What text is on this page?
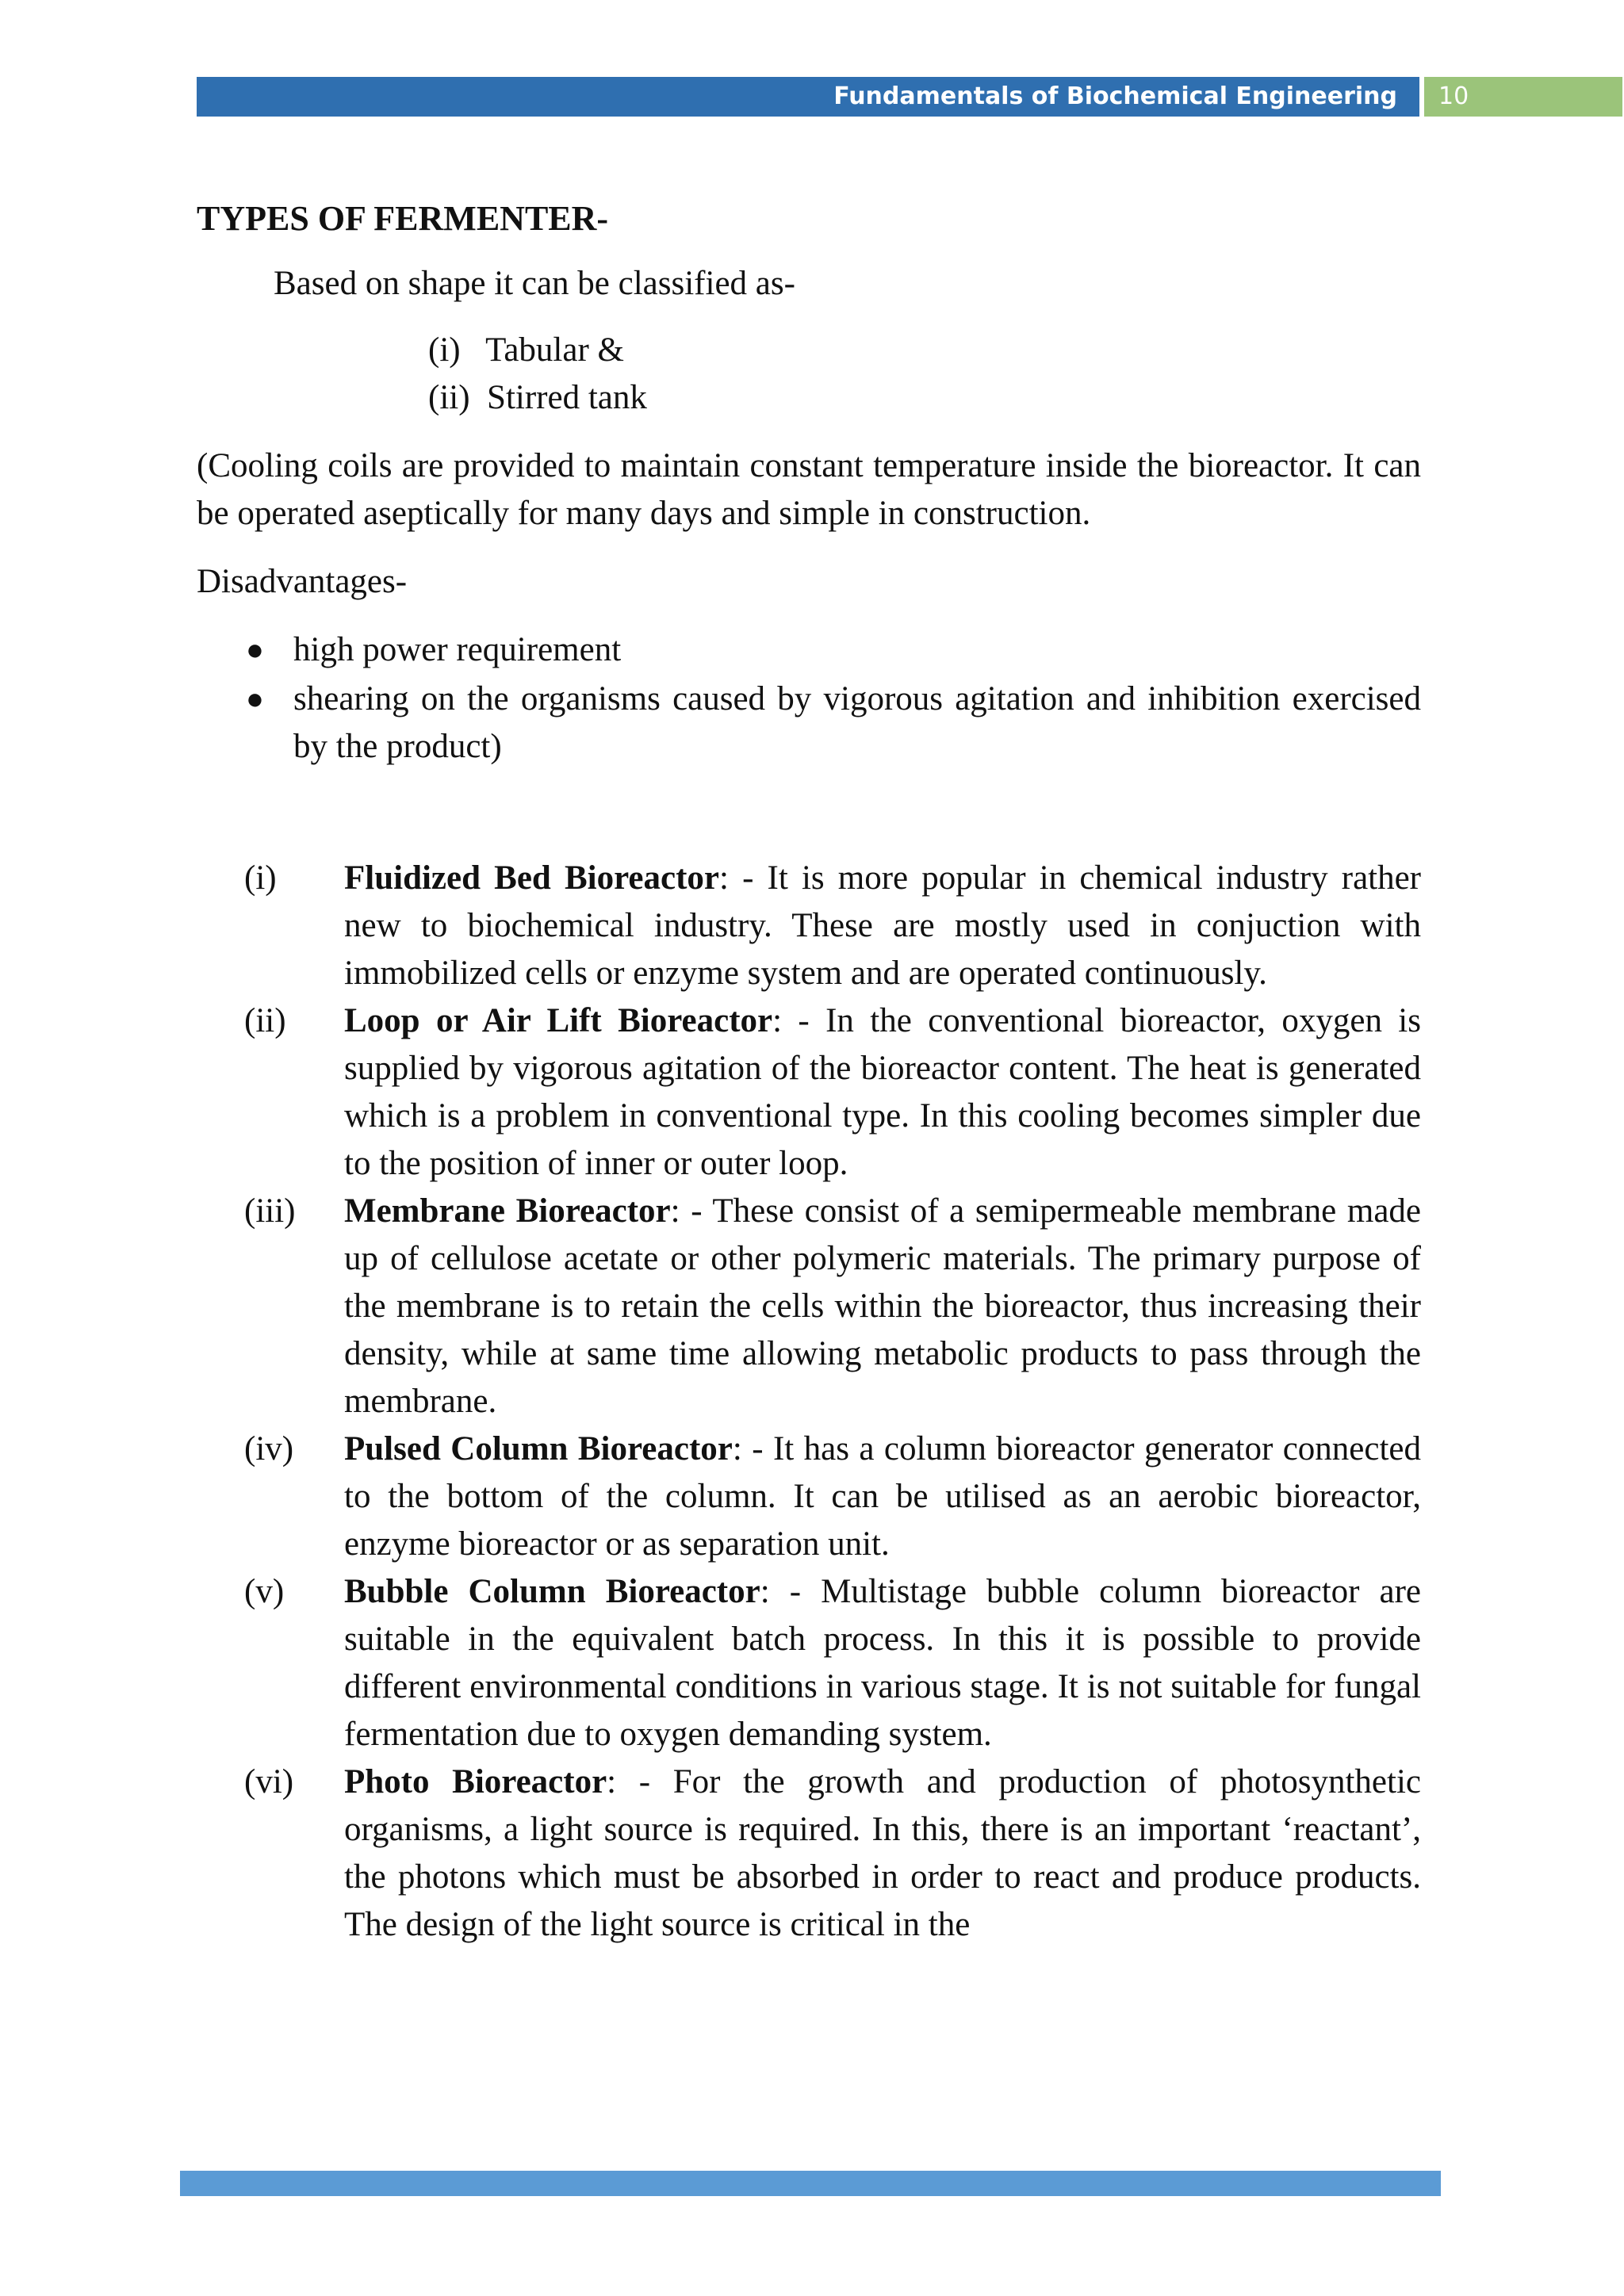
Fundamentals of Biochemical Engineering	10
TYPES OF FERMENTER-

Based on shape it can be classified as-

(i) Tabular &
(ii) Stirred tank

(Cooling coils are provided to maintain constant temperature inside the bioreactor. It can be operated aseptically for many days and simple in construction.

Disadvantages-

● high power requirement
● shearing on the organisms caused by vigorous agitation and inhibition exercised by the product)
(i)	Fluidized Bed Bioreactor: - It is more popular in chemical industry rather new to biochemical industry. These are mostly used in conjuction with immobilized cells or enzyme system and are operated continuously.
(ii)	Loop or Air Lift Bioreactor: - In the conventional bioreactor, oxygen is supplied by vigorous agitation of the bioreactor content. The heat is generated which is a problem in conventional type. In this cooling becomes simpler due to the position of inner or outer loop.
(iii)	Membrane Bioreactor: - These consist of a semipermeable membrane made up of cellulose acetate or other polymeric materials. The primary purpose of the membrane is to retain the cells within the bioreactor, thus increasing their density, while at same time allowing metabolic products to pass through the membrane.
(iv)	Pulsed Column Bioreactor: - It has a column bioreactor generator connected to the bottom of the column. It can be utilised as an aerobic bioreactor, enzyme bioreactor or as separation unit.
(v)	Bubble Column Bioreactor: - Multistage bubble column bioreactor are suitable in the equivalent batch process. In this it is possible to provide different environmental conditions in various stage. It is not suitable for fungal fermentation due to oxygen demanding system.
(vi)	Photo Bioreactor: - For the growth and production of photosynthetic organisms, a light source is required. In this, there is an important ‘reactant’, the photons which must be absorbed in order to react and produce products. The design of the light source is critical in the
